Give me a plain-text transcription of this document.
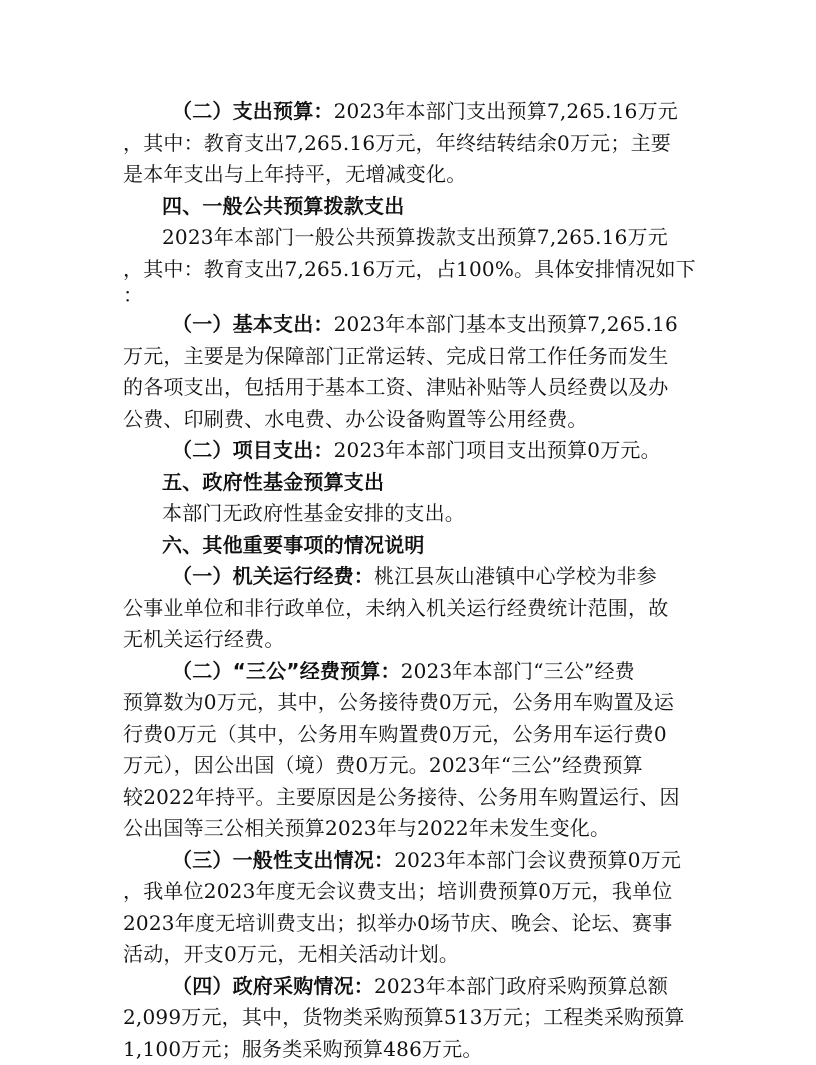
（二）支出预算：2023年本部门支出预算7,265.16万元
，其中：教育支出7,265.16万元，年终结转结余0万元；主要
是本年支出与上年持平，无增减变化。
四、一般公共预算拨款支出
2023年本部门一般公共预算拨款支出预算7,265.16万元
，其中：教育支出7,265.16万元，占100%。具体安排情况如下
：
（一）基本支出：2023年本部门基本支出预算7,265.16
万元，主要是为保障部门正常运转、完成日常工作任务而发生
的各项支出，包括用于基本工资、津贴补贴等人员经费以及办
公费、印刷费、水电费、办公设备购置等公用经费。
（二）项目支出：2023年本部门项目支出预算0万元。
五、政府性基金预算支出
本部门无政府性基金安排的支出。
六、其他重要事项的情况说明
（一）机关运行经费：桃江县灰山港镇中心学校为非参
公事业单位和非行政单位，未纳入机关运行经费统计范围，故
无机关运行经费。
（二）“三公”经费预算：2023年本部门“三公”经费
预算数为0万元，其中，公务接待费0万元，公务用车购置及运
行费0万元（其中，公务用车购置费0万元，公务用车运行费0
万元），因公出国（境）费0万元。2023年“三公”经费预算
较2022年持平。主要原因是公务接待、公务用车购置运行、因
公出国等三公相关预算2023年与2022年未发生变化。
（三）一般性支出情况：2023年本部门会议费预算0万元
，我单位2023年度无会议费支出；培训费预算0万元，我单位
2023年度无培训费支出；拟举办0场节庆、晚会、论坛、赛事
活动，开支0万元，无相关活动计划。
（四）政府采购情况：2023年本部门政府采购预算总额
2,099万元，其中，货物类采购预算513万元；工程类采购预算
1,100万元；服务类采购预算486万元。
